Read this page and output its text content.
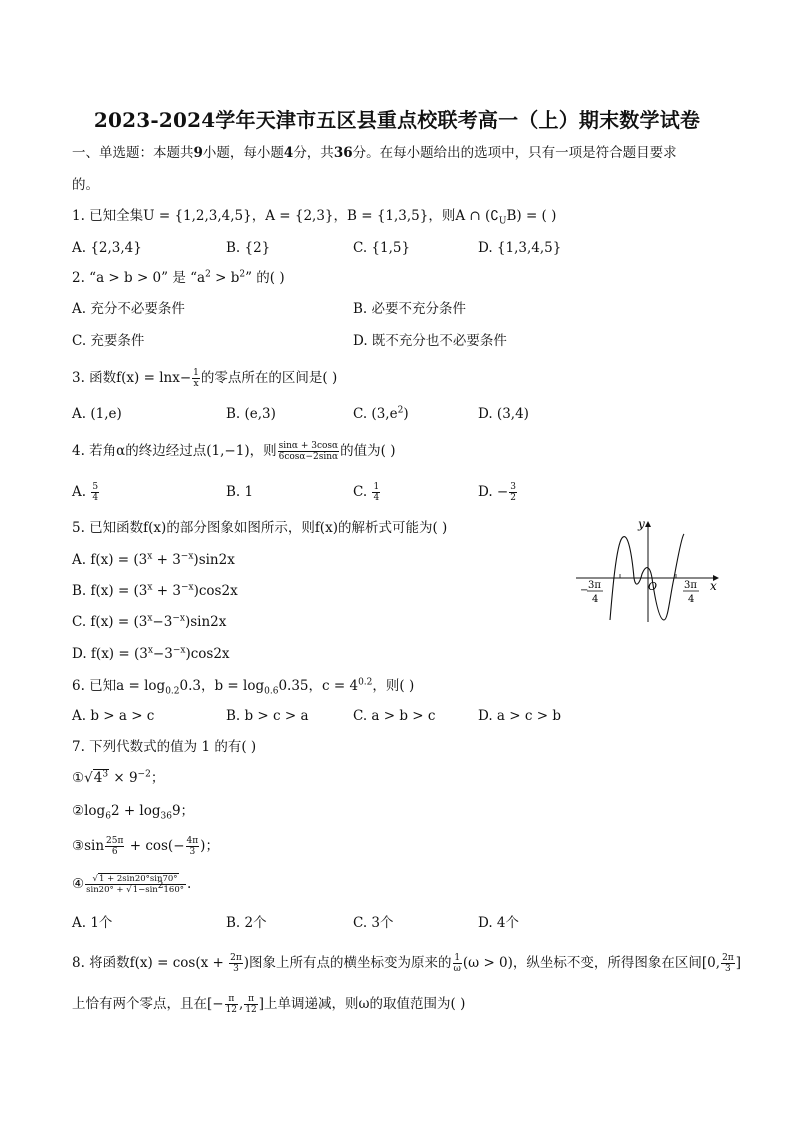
2023-2024学年天津市五区县重点校联考高一（上）期末数学试卷
一、单选题：本题共9小题，每小题4分，共36分。在每小题给出的选项中，只有一项是符合题目要求
的。
1. 已知全集U = {1,2,3,4,5}，A = {2,3}，B = {1,3,5}，则A ∩ $(∁_UB)$ = ( )
A. {2,3,4}	B. {2}	C. {1,5}	D. {1,3,4,5}
2. “a > b > 0” 是 “$a^2 > b^2$” 的( )
A. 充分不必要条件	B. 必要不充分条件
C. 充要条件	D. 既不充分也不必要条件
3. 函数$f(x) = \ln x- \frac{1}{x}$ 的零点所在的区间是( )
A. (1,e)	B. (e,3)	C. $(3,e^2)$	D. (3,4)
4. 若角α的终边经过点(1,−1)，则 $\frac{\sin\alpha + 3\cos\alpha}{6\cos\alpha-2\sin\alpha}$ 的值为( )
A. $\frac{5}{4}$	B. 1	C. $\frac{1}{4}$	D. − $\frac{3}{2}$
5. 已知函数f(x)的部分图象如图所示，则f(x)的解析式可能为( )
A. $f(x) = (3^x + 3^{-x})\sin 2x$
B. $f(x) = (3^x + 3^{-x})\cos 2x$
C. $f(x) = (3^x-3^{-x})\sin 2x$
D. $f(x) = (3^x-3^{-x})\cos 2x$
y
x
O
− 3π
4
3π
4
6. 已知$a = \log_{0.2}0.3$，$b = \log_{0.6}0.35$，$c = 4^{0.2}$，则( )
A. b > a > c	B. b > c > a	C. a > b > c	D. a > c > b
7. 下列代数式的值为 1 的有( )
$①√4^3 \times 9^{-2}$；
$②\log_62 + \log_{36}9$；
③sin $\frac{25\pi}{6} + \cos(- \frac{4\pi}{3}$ )；
④ $\frac{√1 + 2\sin 20^\circ\sin 70^\circ}{\sin 20^\circ + √1-\sin^2160^\circ}$ .
A. 1个	B. 2个	C. 3个	D. 4个
8. 将函数$f(x) = \cos(x + \frac{2\pi}{3}$ )图象上所有点的横坐标变为原来的 $\frac{1}{\omega} (\omega > 0)$，纵坐标不变，所得图象在区间[0, $\frac{2\pi}{3}$ ]
上恰有两个零点，且在[− $\frac{\pi}{12}$ , $\frac{\pi}{12}$ ]上单调递减，则ω的取值范围为( )
